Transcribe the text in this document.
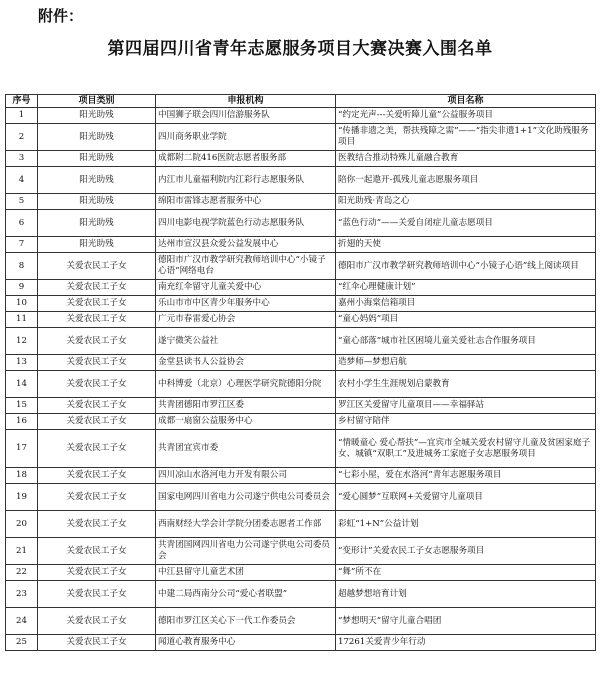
附件：
第四届四川省青年志愿服务项目大赛决赛入围名单
序号	项目类别	申报机构	项目名称
1	阳光助残	中国狮子联会四川信游服务队	“约定光声---关爱听障儿童”公益服务项目
2	阳光助残	四川商务职业学院	“传播非遗之美，帮扶残障之需”——“指尖非遗1+1”文化助残服务项目
3	阳光助残	成都附二院416医院志愿者服务部	医教结合推动特殊儿童融合教育
4	阳光助残	内江市儿童福利院内江彩行志愿服务队	陪你一起遨开-孤残儿童志愿服务项目
5	阳光助残	绵阳市雷锋志愿者服务中心	阳光助残·青岛之心
6	阳光助残	四川电影电视学院蓝色行动志愿服务队	“蓝色行动”——关爱自闭症儿童志愿项目
7	阳光助残	达州市宣汉县众爱公益发展中心	折翅的天使
8	关爱农民工子女	德阳市广汉市教学研究教师培训中心“小镜子心语”网络电台	德阳市广汉市教学研究教师培训中心“小镜子心语”线上阅读项目
9	关爱农民工子女	南充红伞留守儿童关爱中心	“红伞心理健康计划”
10	关爱农民工子女	乐山市市中区青少年服务中心	嘉州小海棠信箱项目
11	关爱农民工子女	广元市春雷爱心协会	“童心妈妈”项目
12	关爱农民工子女	遂宁微笑公益社	“童心部落”城市社区困境儿童关爱社志合作服务项目
13	关爱农民工子女	金堂县读书人公益协会	造梦师—梦想启航
14	关爱农民工子女	中科博爱（北京）心理医学研究院德阳分院	农村小学生生涯规划启蒙教育
15	关爱农民工子女	共青团德阳市罗江区委	罗江区关爱留守儿童项目——幸福驿站
16	关爱农民工子女	成都一扇窗公益服务中心	乡村留守陪伴
17	关爱农民工子女	共青团宜宾市委	“情暖童心 爱心帮扶”—宜宾市全城关爱农村留守儿童及贫困家庭子女、城镇“双职工”及进城务工家庭子女志愿服务项目
18	关爱农民工子女	四川凉山水洛河电力开发有限公司	“七彩小屋，爱在水洛河”青年志愿服务项目
19	关爱农民工子女	国家电网四川省电力公司遂宁供电公司委员会	“爱心圆梦”互联网+关爱留守儿童项目
20	关爱农民工子女	西南财经大学会计学院分团委志愿者工作部	彩虹“1+N”公益计划
21	关爱农民工子女	共青团国网四川省电力公司遂宁供电公司委员会	“变形计”关爱农民工子女志愿服务项目
22	关爱农民工子女	中江县留守儿童艺术团	“舞”所不在
23	关爱农民工子女	中建二局西南分公司“爱心者联盟”	超越梦想培育计划
24	关爱农民工子女	德阳市罗江区关心下一代工作委员会	“梦想明天”留守儿童合唱团
25	关爱农民工子女	闻道心教育服务中心	17261关爱青少年行动
